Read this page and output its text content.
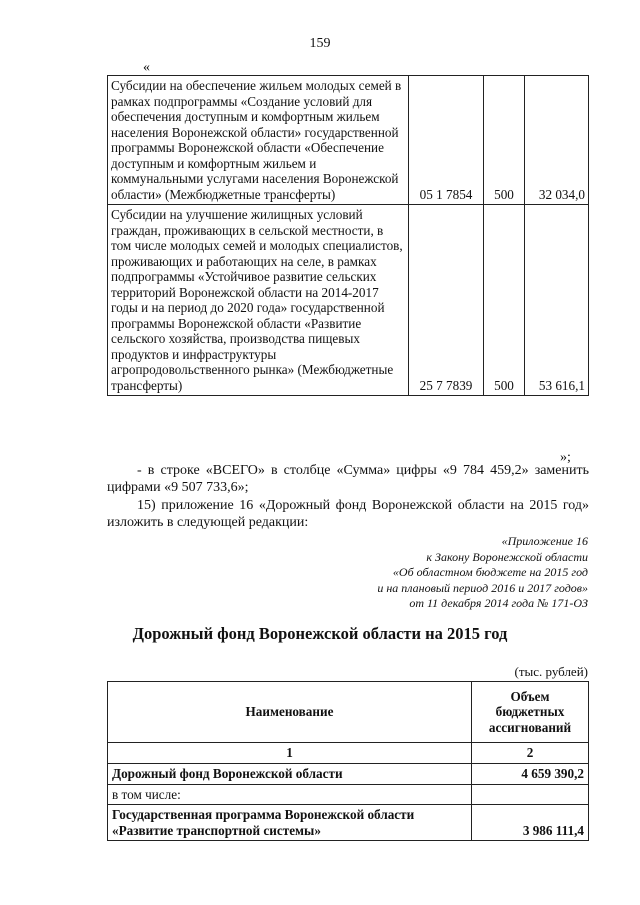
159
«
Субсидии на обеспечение жильем молодых семей в рамках подпрограммы «Создание условий для обеспечения доступным и комфортным жильем населения Воронежской области» государственной программы Воронежской области «Обеспечение доступным и комфортным жильем и коммунальными услугами населения Воронежской области» (Межбюджетные трансферты)	05 1 7854	500	32 034,0
Субсидии на улучшение жилищных условий граждан, проживающих в сельской местности, в том числе молодых семей и молодых специалистов, проживающих и работающих на селе, в рамках подпрограммы «Устойчивое развитие сельских территорий Воронежской области на 2014-2017 годы и на период до 2020 года» государственной программы Воронежской области «Развитие сельского хозяйства, производства пищевых продуктов и инфраструктуры агропродовольственного рынка» (Межбюджетные трансферты)	25 7 7839	500	53 616,1
»;
- в строке «ВСЕГО» в столбце «Сумма» цифры «9 784 459,2» заменить цифрами «9 507 733,6»;
15) приложение 16 «Дорожный фонд Воронежской области на 2015 год» изложить в следующей редакции:
«Приложение 16
к Закону Воронежской области
«Об областном бюджете на 2015 год
и на плановый период 2016 и 2017 годов»
от 11 декабря 2014 года № 171-ОЗ
Дорожный фонд Воронежской области на 2015 год
(тыс. рублей)
Наименование	Объем бюджетных ассигнований
1	2
Дорожный фонд Воронежской области	4 659 390,2
в том числе:	
Государственная программа Воронежской области «Развитие транспортной системы»	3 986 111,4
